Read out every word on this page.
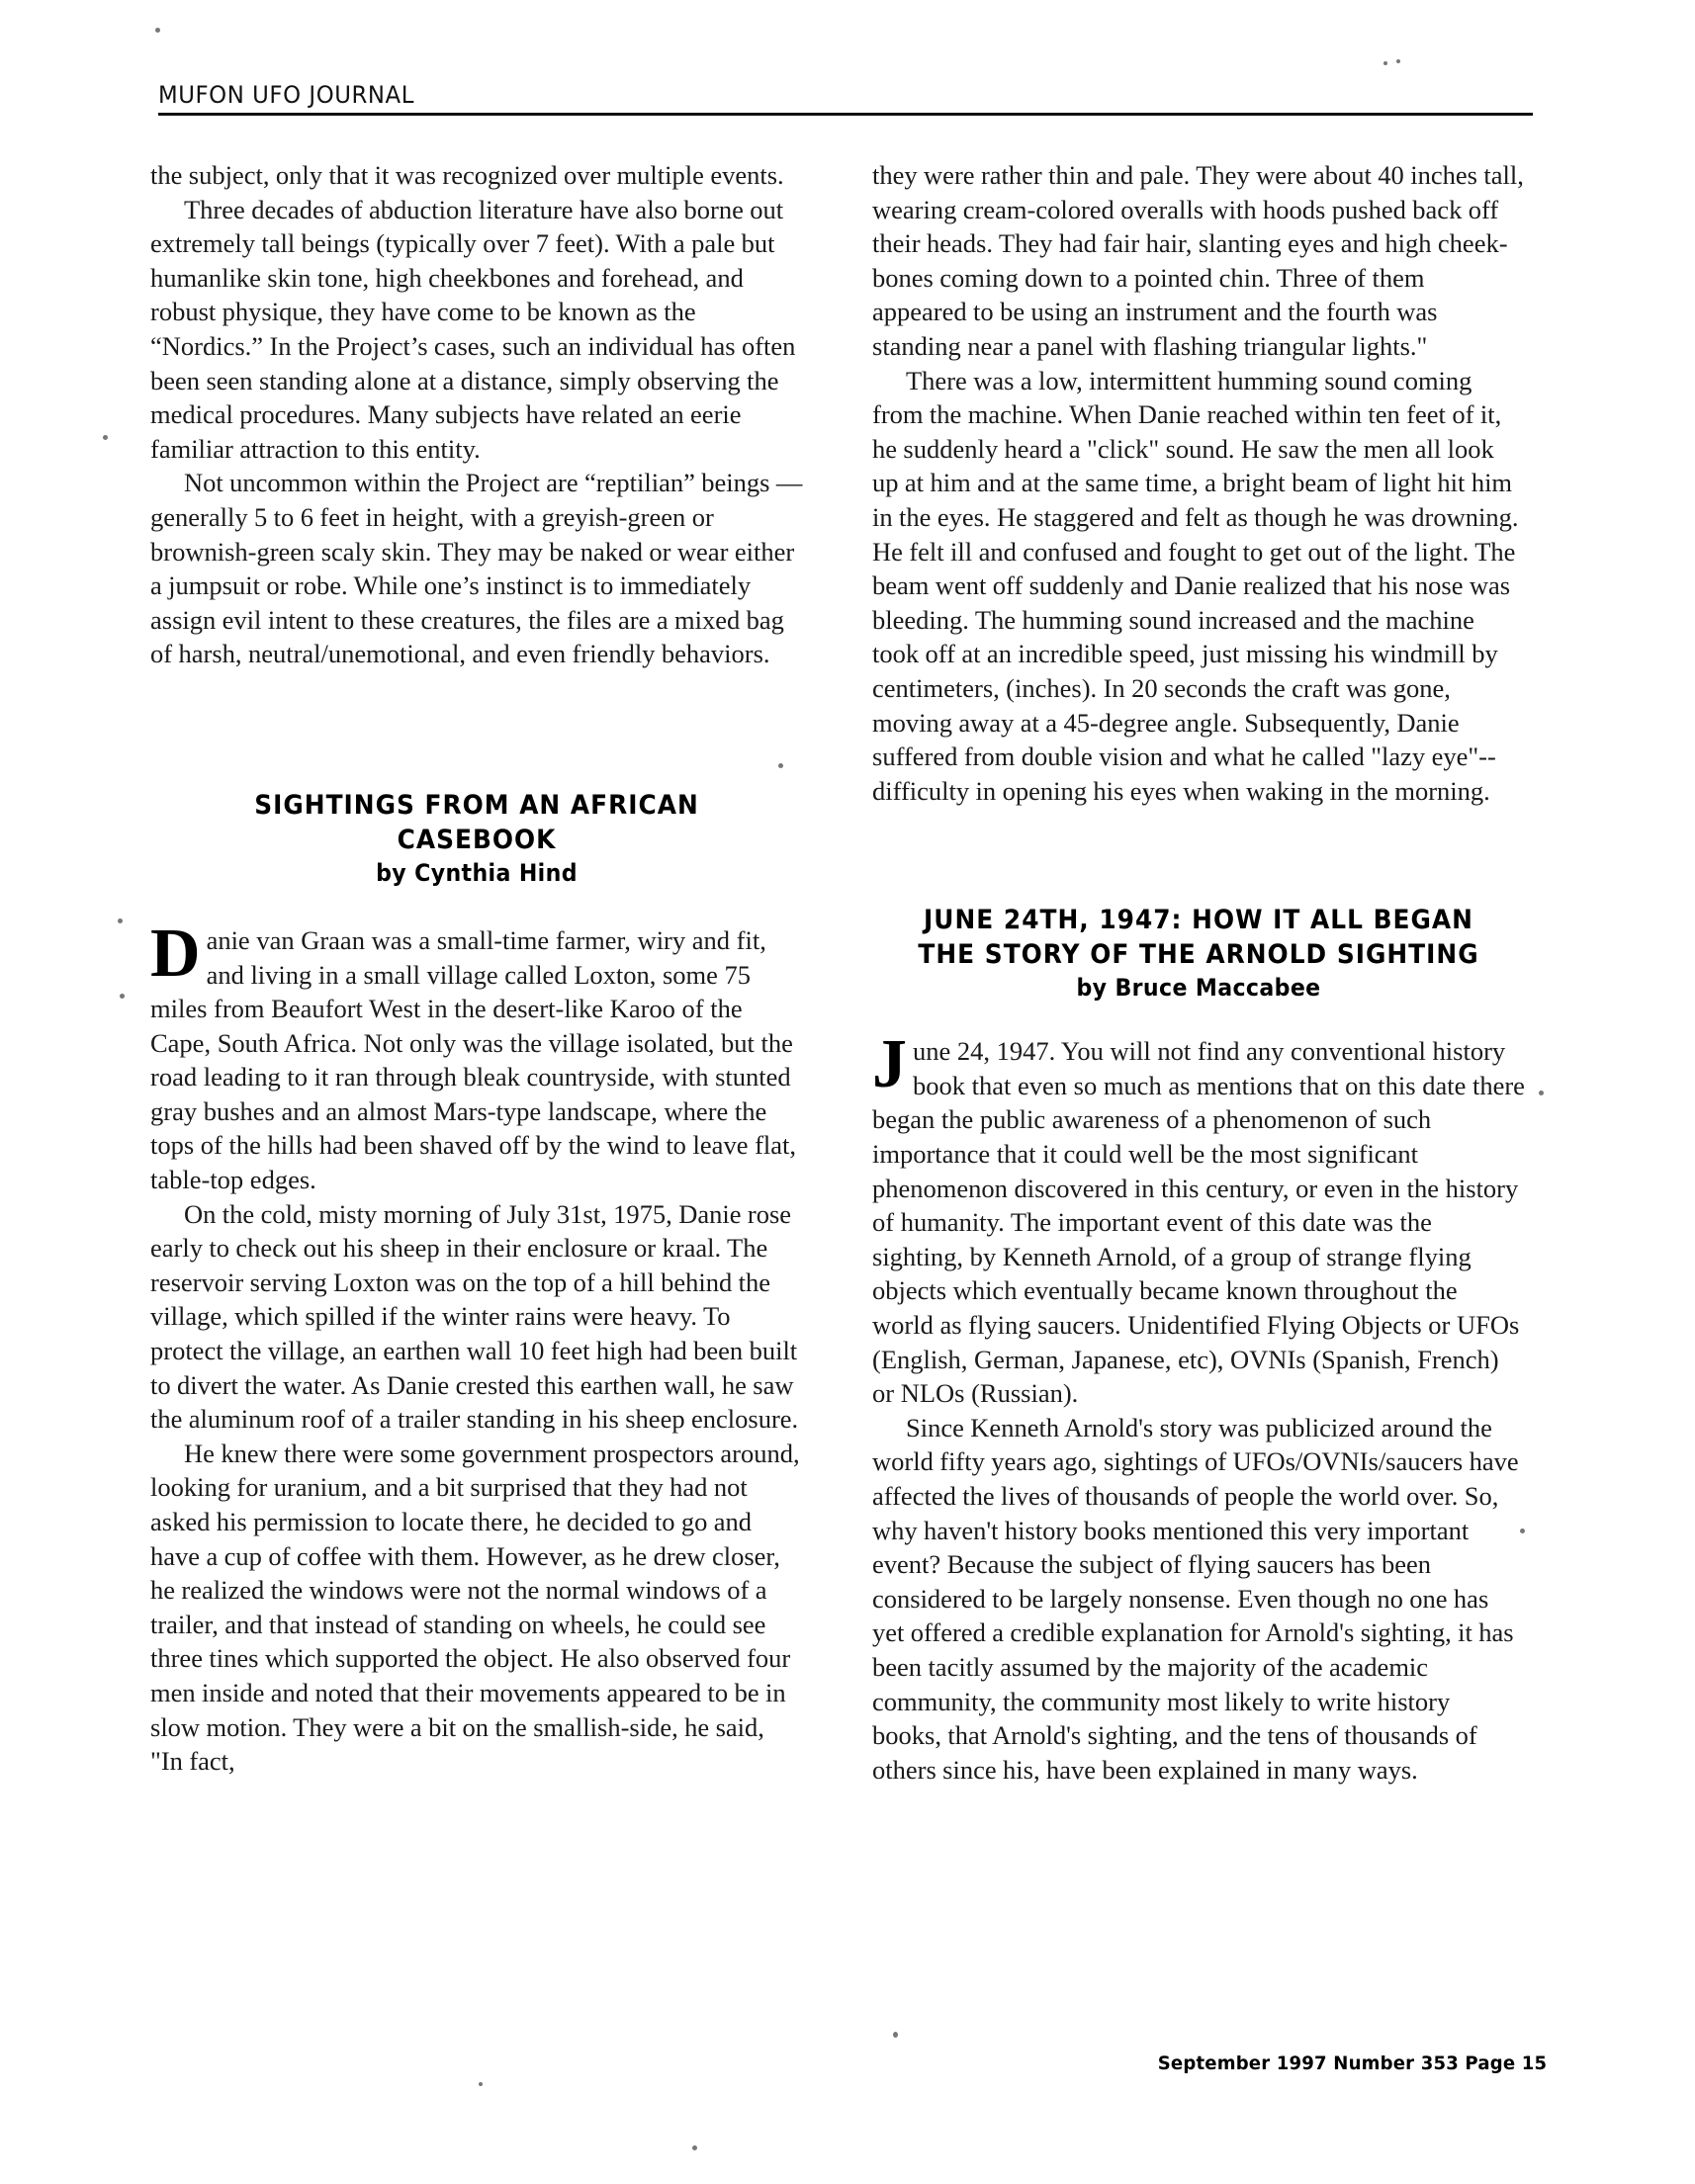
MUFON UFO JOURNAL

the subject, only that it was recognized over multiple events.

Three decades of abduction literature have also borne out extremely tall beings (typically over 7 feet). With a pale but humanlike skin tone, high cheekbones and forehead, and robust physique, they have come to be known as the “Nordics.” In the Project’s cases, such an individual has often been seen standing alone at a distance, simply observing the medical procedures. Many subjects have related an eerie familiar attraction to this entity.

Not uncommon within the Project are “reptilian” beings — generally 5 to 6 feet in height, with a greyish-green or brownish-green scaly skin. They may be naked or wear either a jumpsuit or robe. While one’s instinct is to immediately assign evil intent to these creatures, the files are a mixed bag of harsh, neutral/unemotional, and even friendly behaviors.

SIGHTINGS FROM AN AFRICAN
CASEBOOK
by Cynthia Hind

Danie van Graan was a small-time farmer, wiry and fit, and living in a small village called Loxton, some 75 miles from Beaufort West in the desert-like Karoo of the Cape, South Africa. Not only was the village isolated, but the road leading to it ran through bleak countryside, with stunted gray bushes and an almost Mars-type landscape, where the tops of the hills had been shaved off by the wind to leave flat, table-top edges.

On the cold, misty morning of July 31st, 1975, Danie rose early to check out his sheep in their enclosure or kraal. The reservoir serving Loxton was on the top of a hill behind the village, which spilled if the winter rains were heavy. To protect the village, an earthen wall 10 feet high had been built to divert the water. As Danie crested this earthen wall, he saw the aluminum roof of a trailer standing in his sheep enclosure.

He knew there were some government prospectors around, looking for uranium, and a bit surprised that they had not asked his permission to locate there, he decided to go and have a cup of coffee with them. However, as he drew closer, he realized the windows were not the normal windows of a trailer, and that instead of standing on wheels, he could see three tines which supported the object. He also observed four men inside and noted that their movements appeared to be in slow motion. They were a bit on the smallish-side, he said, "In fact,

they were rather thin and pale. They were about 40 inches tall, wearing cream-colored overalls with hoods pushed back off their heads. They had fair hair, slanting eyes and high cheek-bones coming down to a pointed chin. Three of them appeared to be using an instrument and the fourth was standing near a panel with flashing triangular lights."

There was a low, intermittent humming sound coming from the machine. When Danie reached within ten feet of it, he suddenly heard a "click" sound. He saw the men all look up at him and at the same time, a bright beam of light hit him in the eyes. He staggered and felt as though he was drowning. He felt ill and confused and fought to get out of the light. The beam went off suddenly and Danie realized that his nose was bleeding. The humming sound increased and the machine took off at an incredible speed, just missing his windmill by centimeters, (inches). In 20 seconds the craft was gone, moving away at a 45-degree angle. Subsequently, Danie suffered from double vision and what he called "lazy eye"-- difficulty in opening his eyes when waking in the morning.

JUNE 24TH, 1947: HOW IT ALL BEGAN
THE STORY OF THE ARNOLD SIGHTING
by Bruce Maccabee

June 24, 1947. You will not find any conventional history book that even so much as mentions that on this date there began the public awareness of a phenomenon of such importance that it could well be the most significant phenomenon discovered in this century, or even in the history of humanity. The important event of this date was the sighting, by Kenneth Arnold, of a group of strange flying objects which eventually became known throughout the world as flying saucers. Unidentified Flying Objects or UFOs (English, German, Japanese, etc), OVNIs (Spanish, French) or NLOs (Russian).

Since Kenneth Arnold's story was publicized around the world fifty years ago, sightings of UFOs/OVNIs/saucers have affected the lives of thousands of people the world over. So, why haven't history books mentioned this very important event? Because the subject of flying saucers has been considered to be largely nonsense. Even though no one has yet offered a credible explanation for Arnold's sighting, it has been tacitly assumed by the majority of the academic community, the community most likely to write history books, that Arnold's sighting, and the tens of thousands of others since his, have been explained in many ways.

September 1997 Number 353 Page 15
